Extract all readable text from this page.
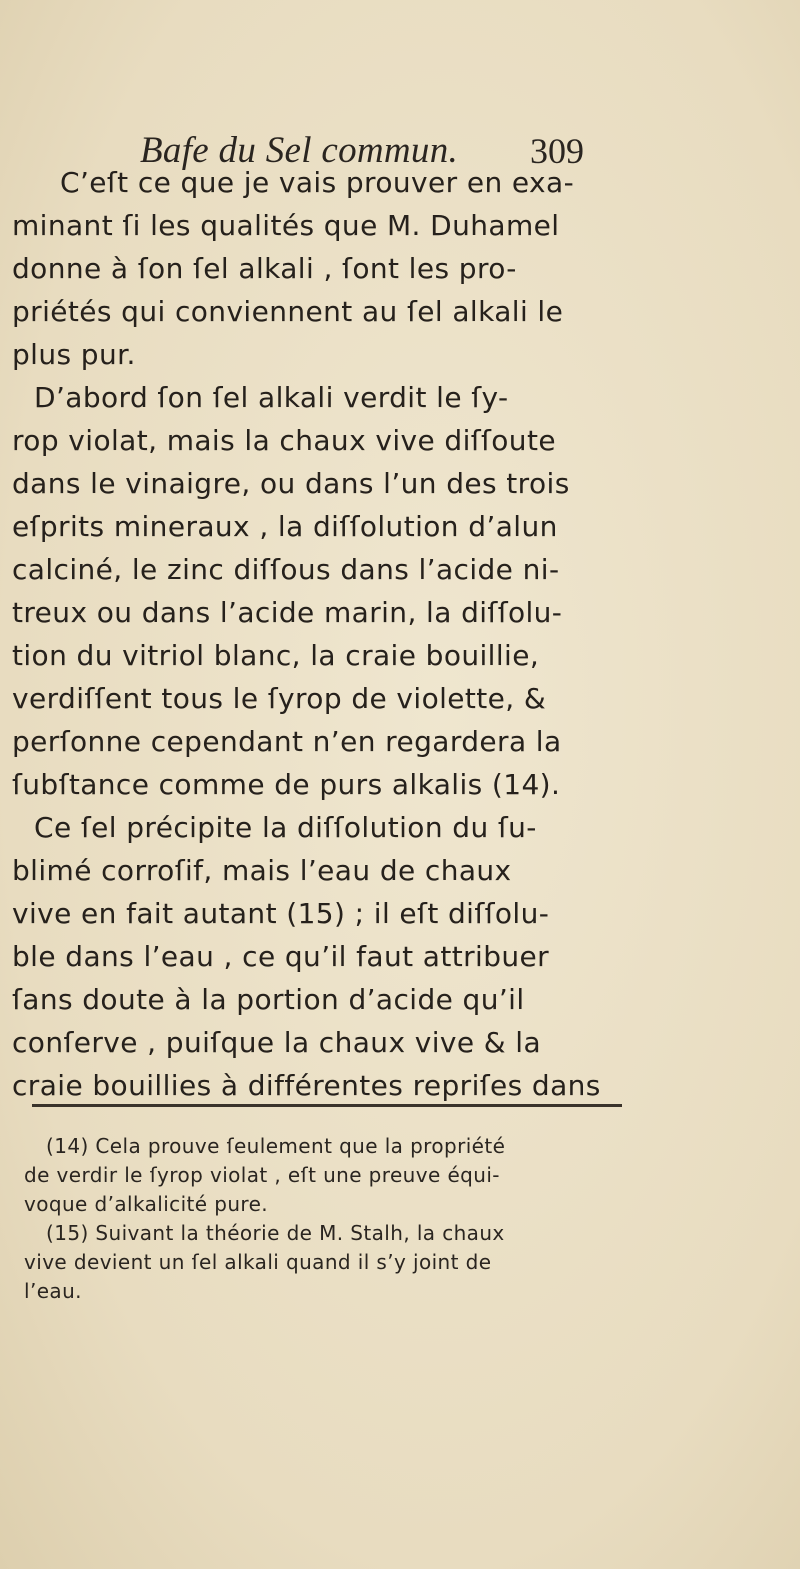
Bafe du Sel commun. 309
C’eſt ce que je vais prouver en exa-
minant ſi les qualités que M. Duhamel
donne à ſon ſel alkali , ſont les pro-
priétés qui conviennent au ſel alkali le
plus pur.
D’abord ſon ſel alkali verdit le ſy-
rop violat, mais la chaux vive diſſoute
dans le vinaigre, ou dans l’un des trois
eſprits mineraux , la diſſolution d’alun
calciné, le zinc diſſous dans l’acide ni-
treux ou dans l’acide marin, la diſſolu-
tion du vitriol blanc, la craie bouillie,
verdiſſent tous le ſyrop de violette, &
perſonne cependant n’en regardera la
ſubſtance comme de purs alkalis (14).
Ce ſel précipite la diſſolution du ſu-
blimé corroſif, mais l’eau de chaux
vive en fait autant (15) ; il eſt diſſolu-
ble dans l’eau , ce qu’il faut attribuer
ſans doute à la portion d’acide qu’il
conſerve , puiſque la chaux vive & la
craie bouillies à différentes repriſes dans
(14) Cela prouve ſeulement que la propriété
de verdir le ſyrop violat , eſt une preuve équi-
voque d’alkalicité pure.
(15) Suivant la théorie de M. Stalh, la chaux
vive devient un ſel alkali quand il s’y joint de
l’eau.
